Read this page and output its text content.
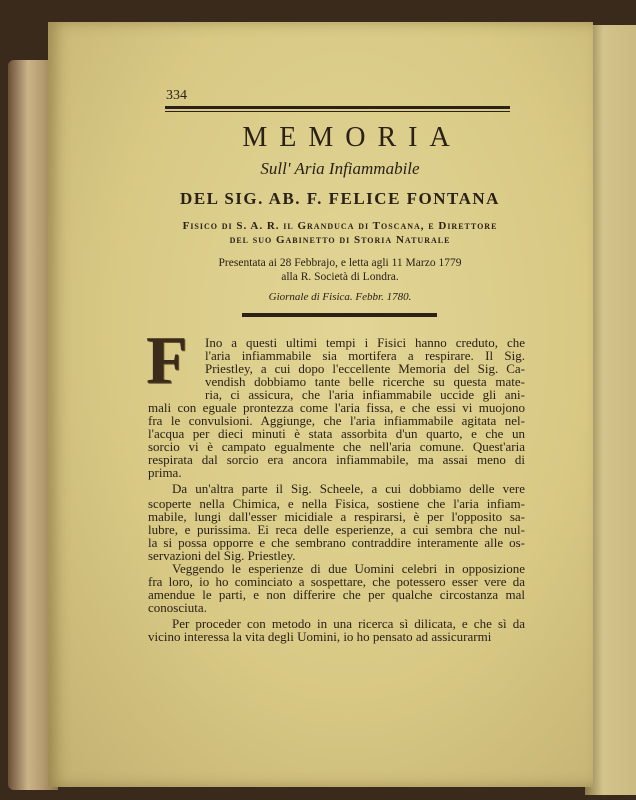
334
MEMORIA
Sull' Aria Infiammabile
DEL SIG. AB. F. FELICE FONTANA
Fisico di S. A. R. il Granduca di Toscana, e Direttore
del suo Gabinetto di Storia Naturale
Presentata ai 28 Febbrajo, e letta agli 11 Marzo 1779
alla R. Società di Londra.
Giornale di Fisica. Febbr. 1780.
F	Ino a questi ultimi tempi i Fisici hanno creduto, che
l'aria infiammabile sia mortifera a respirare. Il Sig.
Priestley, a cui dopo l'eccellente Memoria del Sig. Ca-
vendish dobbiamo tante belle ricerche su questa mate-
ria, ci assicura, che l'aria infiammabile uccide gli ani-
mali con eguale prontezza come l'aria fissa, e che essi vi muojono
fra le convulsioni. Aggiunge, che l'aria infiammabile agitata nel-
l'acqua per dieci minuti è stata assorbita d'un quarto, e che un
sorcio vi è campato egualmente che nell'aria comune. Quest'aria
respirata dal sorcio era ancora infiammabile, ma assai meno di
prima.
Da un'altra parte il Sig. Scheele, a cui dobbiamo delle vere
scoperte nella Chimica, e nella Fisica, sostiene che l'aria infiam-
mabile, lungi dall'esser micidiale a respirarsi, è per l'opposito sa-
lubre, e purissima. Ei reca delle esperienze, a cui sembra che nul-
la si possa opporre e che sembrano contraddire interamente alle os-
servazioni del Sig. Priestley.
Veggendo le esperienze di due Uomini celebri in opposizione
fra loro, io ho cominciato a sospettare, che potessero esser vere da
amendue le parti, e non differire che per qualche circostanza mal
conosciuta.
Per proceder con metodo in una ricerca sì dilicata, e che sì da
vicino interessa la vita degli Uomini, io ho pensato ad assicurarmi
